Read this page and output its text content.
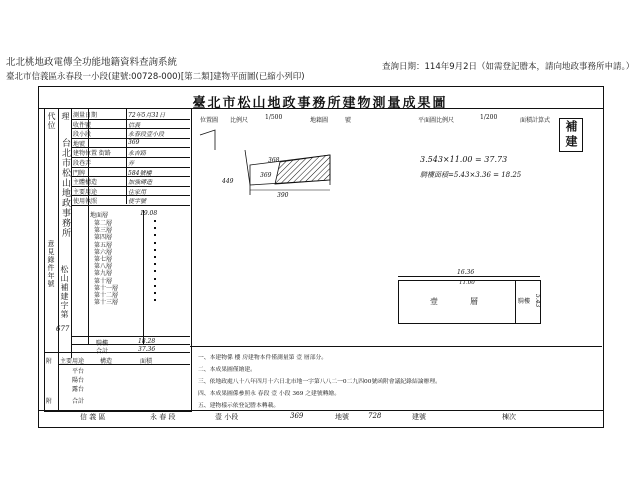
北北桃地政電傳全功能地籍資料查詢系統	查詢日期：114年9月2日（如需登記謄本，請向地政事務所申請。）
臺北市信義區永春段一小段(建號:00728-000)[第二類]建物平面圖(已縮小列印)
臺北市松山地政事務所建物測量成果圖
代位 理
台北市松山地政事務所
意見錄件年號
松山補建字第
677
測量日期	72年5月31日
收件號	信義
段小段	永春段壹小段
地號	369
建物位置 街路	永吉路
段巷弄	弄
門牌	584號樓
主體構造	加強磚造
主要用途	住家用
使用執照	使字號
地面層	19.08
第二層
第三層
第四層
第五層
第六層
第七層
第八層
第九層
第十層
第十一層
第十二層
第十三層
騎樓	18.28
合計	37.36
附 主要用途	構造	面積
平台
陽台
露台
合計
附
位置圖 比例尺	1/500	地籍圖	號	平面圖比例尺	1/200	面積計算式	補建
368
449
369
390
3.543×11.00 = 37.73
騎樓面積=5.43×3.36 = 18.25
16.36
11.00
5.43
壹	層	騎樓
一、本建物係 樓 房建物本件僅測量第 壹 層部分。
二、本成果圖僅繪建。
三、依地政處八十八年四月十六日北市地一字第八八二一0二九四00號函附會議紀錄結論辦理。
四、本成果圖係參照永 春段 壹 小段 369 之建號轉繪。
五、建物樣示依登記謄本轉載。
信 義 區	永 春 段	壹 小段	369	地號	728	建號	棟次
